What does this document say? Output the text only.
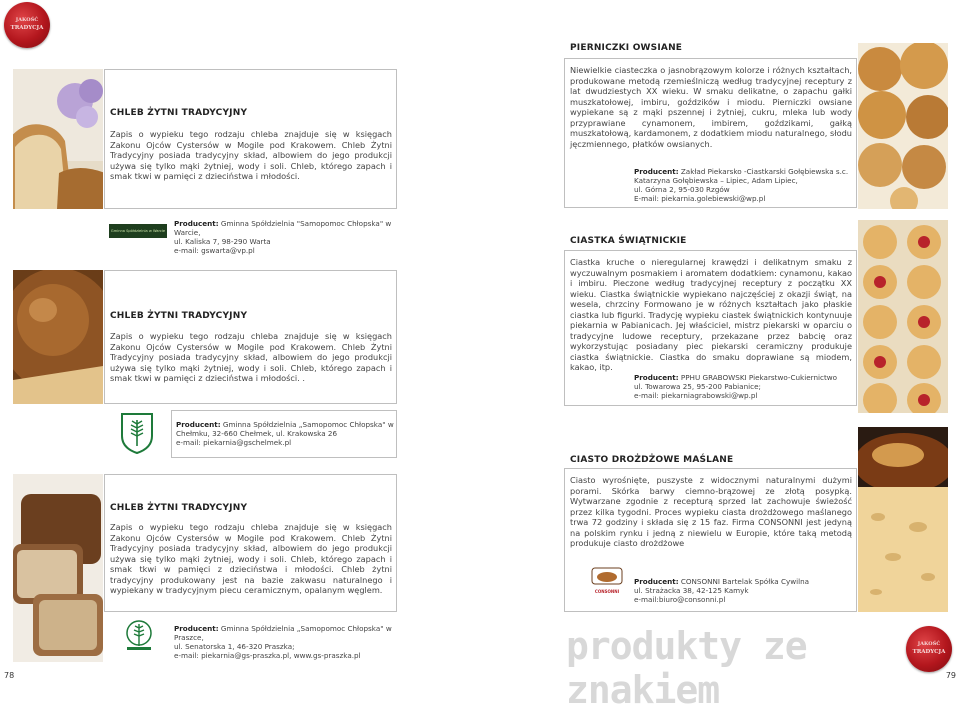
JAKOŚĆ
TRADYCJA
JAKOŚĆ
TRADYCJA
CHLEB ŻYTNI TRADYCYJNY
Zapis o wypieku tego rodzaju chleba znajduje się w księgach Zakonu Ojców Cystersów w Mogile pod Krakowem. Chleb Żytni Tradycyjny posiada tradycyjny skład, albowiem do jego produkcji używa się tylko mąki żytniej, wody i soli. Chleb, którego zapach i smak tkwi w pamięci z dzieciństwa i młodości.
Gminna Spółdzielnia w Warcie
Producent: Gminna Spółdzielnia "Samopomoc Chłopska" w Warcie,
ul. Kaliska 7, 98-290 Warta
e-mail: gswarta@vp.pl
CHLEB ŻYTNI TRADYCYJNY
Zapis o wypieku tego rodzaju chleba znajduje się w księgach Zakonu Ojców Cystersów w Mogile pod Krakowem. Chleb Żytni Tradycyjny posiada tradycyjny skład, albowiem do jego produkcji używa się tylko mąki żytniej, wody i soli. Chleb, którego zapach i smak tkwi w pamięci z dzieciństwa i młodości. .
Producent: Gminna Spółdzielnia „Samopomoc Chłopska" w Chełmku, 32-660 Chełmek, ul. Krakowska 26
e-mail: piekarnia@gschelmek.pl
CHLEB ŻYTNI TRADYCYJNY
Zapis o wypieku tego rodzaju chleba znajduje się w księgach Zakonu Ojców Cystersów w Mogile pod Krakowem. Chleb Żytni Tradycyjny posiada tradycyjny skład, albowiem do jego produkcji używa się tylko mąki żytniej, wody i soli. Chleb, którego zapach i smak tkwi w pamięci z dzieciństwa i młodości. Chleb żytni tradycyjny produkowany jest na bazie zakwasu naturalnego i wypiekany w tradycyjnym piecu ceramicznym, opalanym węglem.
Producent: Gminna Spółdzielnia „Samopomoc Chłopska" w Praszce,
ul. Senatorska 1, 46-320 Praszka;
e-mail: piekarnia@gs-praszka.pl, www.gs-praszka.pl
78
PIERNICZKI OWSIANE
Niewielkie ciasteczka o jasnobrązowym kolorze i różnych kształtach, produkowane metodą rzemieślniczą według tradycyjnej receptury z lat dwudziestych XX wieku. W smaku delikatne, o zapachu gałki muszkatołowej, imbiru, goździków i miodu. Pierniczki owsiane wypiekane są z mąki pszennej i żytniej, cukru, mleka lub wody przyprawiane cynamonem, imbirem, goździkami, gałką muszkatołową, kardamonem, z dodatkiem miodu naturalnego, słodu jęczmiennego, płatków owsianych.
Producent: Zakład Piekarsko -Ciastkarski Gołębiewska s.c.
Katarzyna Gołębiewska – Lipiec, Adam Lipiec,
ul. Górna 2, 95-030 Rzgów
E-mail: piekarnia.golebiewski@wp.pl
CIASTKA ŚWIĄTNICKIE
Ciastka kruche o nieregularnej krawędzi i delikatnym smaku z wyczuwalnym posmakiem i aromatem dodatkiem: cynamonu, kakao i imbiru. Pieczone według tradycyjnej receptury z początku XX wieku. Ciastka świątnickie wypiekano najczęściej z okazji świąt, na wesela, chrzciny Formowano je w różnych kształtach jako płaskie ciastka lub figurki. Tradycję wypieku ciastek świątnickich kontynuuje piekarnia w Pabianicach. Jej właściciel, mistrz piekarski w oparciu o tradycyjne ludowe receptury, przekazane przez babcię oraz wykorzystując posiadany piec piekarski ceramiczny produkuje ciastka świątnickie. Ciastka do smaku doprawiane są miodem, kakao, itp.
Producent: PPHU GRABOWSKI Piekarstwo-Cukiernictwo
ul. Towarowa 25, 95-200 Pabianice;
e-mail: piekarniagrabowski@wp.pl
CIASTO DROŻDŻOWE MAŚLANE
Ciasto wyrośnięte, puszyste z widocznymi naturalnymi dużymi porami. Skórka barwy ciemno-brązowej ze złotą posypką. Wytwarzane zgodnie z recepturą sprzed lat zachowuje świeżość przez kilka tygodni. Proces wypieku ciasta drożdżowego maślanego trwa 72 godziny i składa się z 15 faz. Firma CONSONNI jest jedyną na polskim rynku i jedną z niewielu w Europie, które taką metodą produkuje ciasto drożdżowe
Producent: CONSONNI Bartelak Spółka Cywilna
ul. Strażacka 38, 42-125 Kamyk
e-mail:biuro@consonni.pl
CONSONNI
produkty ze znakiem	79
